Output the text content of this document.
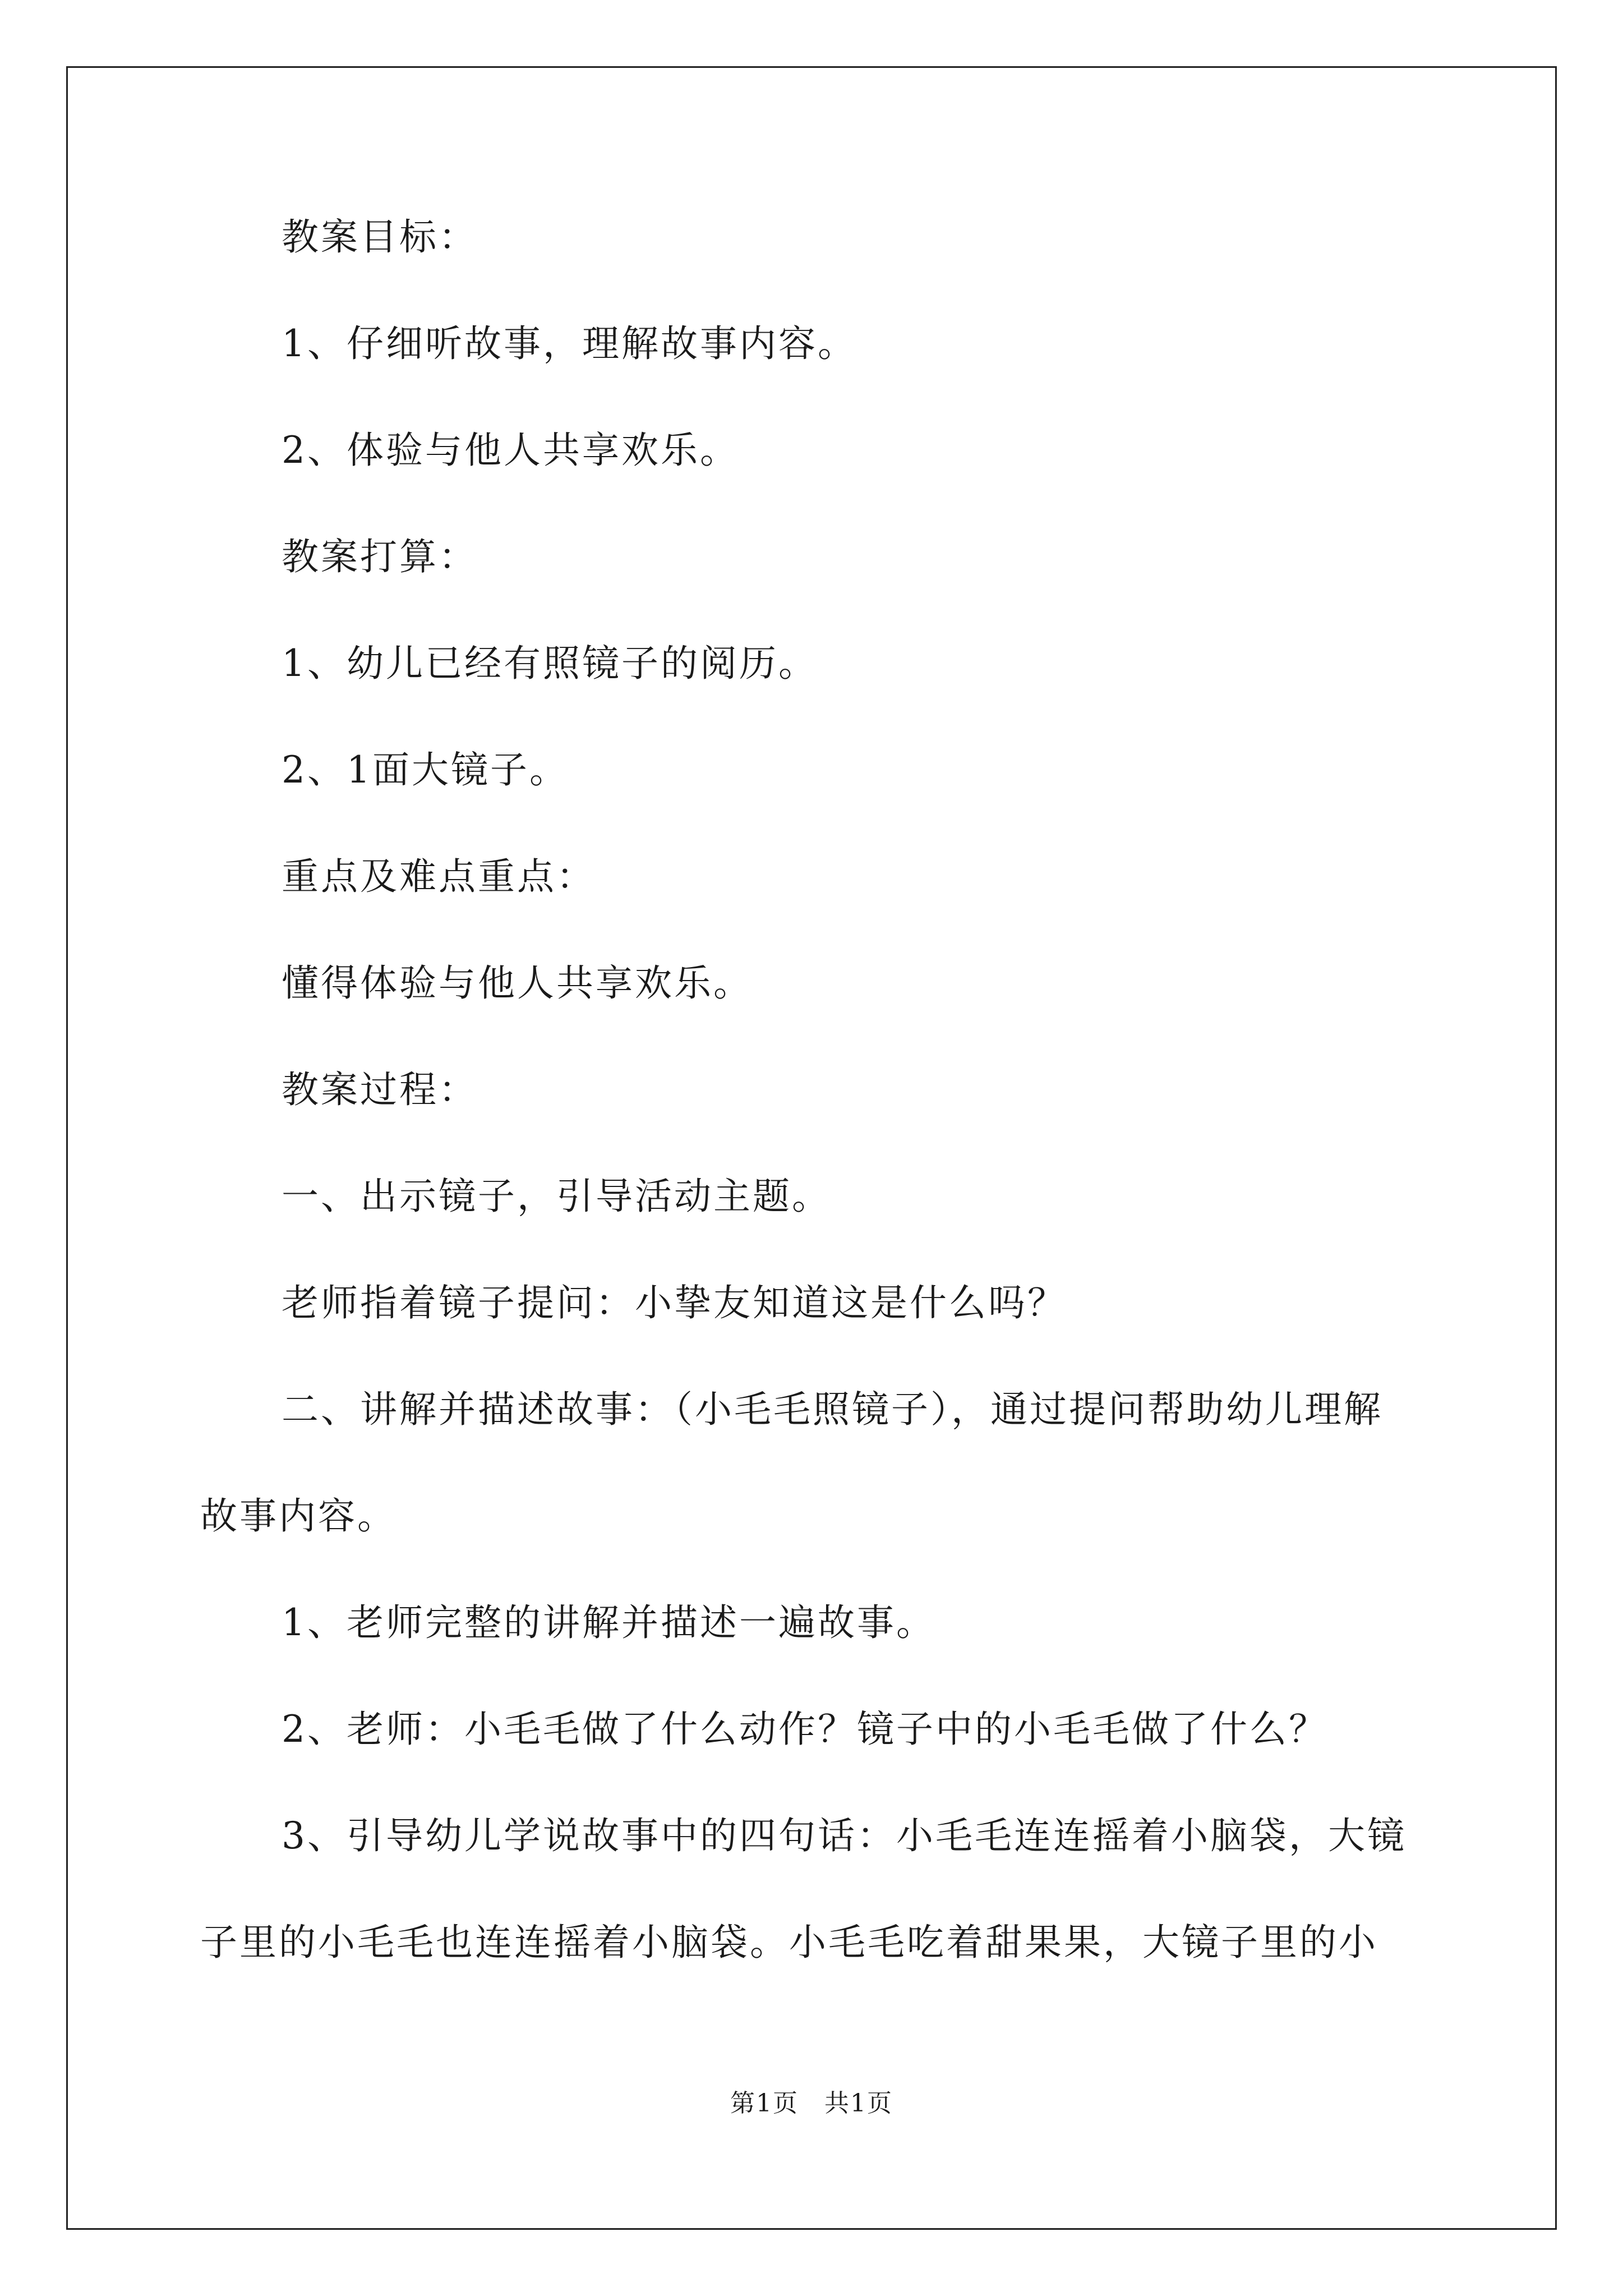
教案目标：

1、仔细听故事，理解故事内容。

2、体验与他人共享欢乐。

教案打算：

1、幼儿已经有照镜子的阅历。

2、1面大镜子。

重点及难点重点：

懂得体验与他人共享欢乐。

教案过程：

一、出示镜子，引导活动主题。

老师指着镜子提问：小挚友知道这是什么吗？

二、讲解并描述故事：（小毛毛照镜子），通过提问帮助幼儿理解

故事内容。

1、老师完整的讲解并描述一遍故事。

2、老师：小毛毛做了什么动作？镜子中的小毛毛做了什么？

3、引导幼儿学说故事中的四句话：小毛毛连连摇着小脑袋，大镜

子里的小毛毛也连连摇着小脑袋。小毛毛吃着甜果果，大镜子里的小

第1页　共1页
